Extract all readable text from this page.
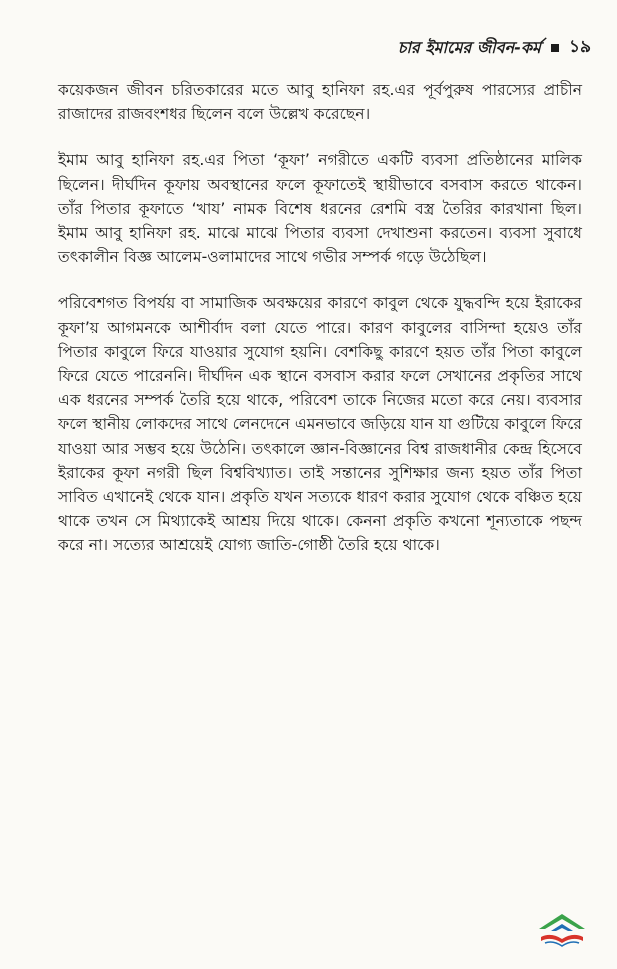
চার ইমামের জীবন-কর্ম ১৯

কয়েকজন জীবন চরিতকারের মতে আবু হানিফা রহ.এর পূর্বপুরুষ পারস্যের প্রাচীন রাজাদের রাজবংশধর ছিলেন বলে উল্লেখ করেছেন।

ইমাম আবু হানিফা রহ.এর পিতা ‘কূফা’ নগরীতে একটি ব্যবসা প্রতিষ্ঠানের মালিক ছিলেন। দীর্ঘদিন কূফায় অবস্থানের ফলে কূফাতেই স্থায়ীভাবে বসবাস করতে থাকেন। তাঁর পিতার কূফাতে ‘খায’ নামক বিশেষ ধরনের রেশমি বস্ত্র তৈরির কারখানা ছিল। ইমাম আবু হানিফা রহ. মাঝে মাঝে পিতার ব্যবসা দেখাশুনা করতেন। ব্যবসা সুবাধে তৎকালীন বিজ্ঞ আলেম-ওলামাদের সাথে গভীর সম্পর্ক গড়ে উঠেছিল।

পরিবেশগত বিপর্যয় বা সামাজিক অবক্ষয়ের কারণে কাবুল থেকে যুদ্ধবন্দি হয়ে ইরাকের কূফা’য় আগমনকে আশীর্বাদ বলা যেতে পারে। কারণ কাবুলের বাসিন্দা হয়েও তাঁর পিতার কাবুলে ফিরে যাওয়ার সুযোগ হয়নি। বেশকিছু কারণে হয়ত তাঁর পিতা কাবুলে ফিরে যেতে পারেননি। দীর্ঘদিন এক স্থানে বসবাস করার ফলে সেখানের প্রকৃতির সাথে এক ধরনের সম্পর্ক তৈরি হয়ে থাকে, পরিবেশ তাকে নিজের মতো করে নেয়। ব্যবসার ফলে স্থানীয় লোকদের সাথে লেনদেনে এমনভাবে জড়িয়ে যান যা গুটিয়ে কাবুলে ফিরে যাওয়া আর সম্ভব হয়ে উঠেনি। তৎকালে জ্ঞান-বিজ্ঞানের বিশ্ব রাজধানীর কেন্দ্র হিসেবে ইরাকের কূফা নগরী ছিল বিশ্ববিখ্যাত। তাই সন্তানের সুশিক্ষার জন্য হয়ত তাঁর পিতা সাবিত এখানেই থেকে যান। প্রকৃতি যখন সত্যকে ধারণ করার সুযোগ থেকে বঞ্চিত হয়ে থাকে তখন সে মিথ্যাকেই আশ্রয় দিয়ে থাকে। কেননা প্রকৃতি কখনো শূন্যতাকে পছন্দ করে না। সত্যের আশ্রয়েই যোগ্য জাতি-গোষ্ঠী তৈরি হয়ে থাকে।
